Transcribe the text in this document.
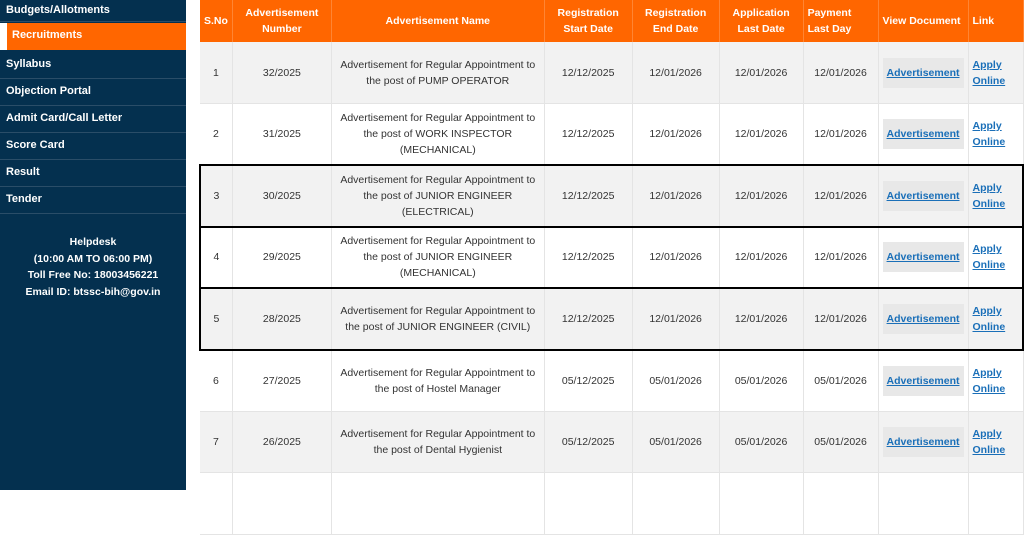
Budgets/Allotments
Recruitments
Syllabus
Objection Portal
Admit Card/Call Letter
Score Card
Result
Tender
Helpdesk
(10:00 AM TO 06:00 PM)
Toll Free No: 18003456221
Email ID: btssc-bih@gov.in
S.No	Advertisement Number	Advertisement Name	Registration Start Date	Registration End Date	Application Last Date	Payment Last Day	View Document	Link
1	32/2025	Advertisement for Regular Appointment to the post of PUMP OPERATOR	12/12/2025	12/01/2026	12/01/2026	12/01/2026	Advertisement	Apply Online
2	31/2025	Advertisement for Regular Appointment to the post of WORK INSPECTOR (MECHANICAL)	12/12/2025	12/01/2026	12/01/2026	12/01/2026	Advertisement	Apply Online
3	30/2025	Advertisement for Regular Appointment to the post of JUNIOR ENGINEER (ELECTRICAL)	12/12/2025	12/01/2026	12/01/2026	12/01/2026	Advertisement	Apply Online
4	29/2025	Advertisement for Regular Appointment to the post of JUNIOR ENGINEER (MECHANICAL)	12/12/2025	12/01/2026	12/01/2026	12/01/2026	Advertisement	Apply Online
5	28/2025	Advertisement for Regular Appointment to the post of JUNIOR ENGINEER (CIVIL)	12/12/2025	12/01/2026	12/01/2026	12/01/2026	Advertisement	Apply Online
6	27/2025	Advertisement for Regular Appointment to the post of Hostel Manager	05/12/2025	05/01/2026	05/01/2026	05/01/2026	Advertisement	Apply Online
7	26/2025	Advertisement for Regular Appointment to the post of Dental Hygienist	05/12/2025	05/01/2026	05/01/2026	05/01/2026	Advertisement	Apply Online
